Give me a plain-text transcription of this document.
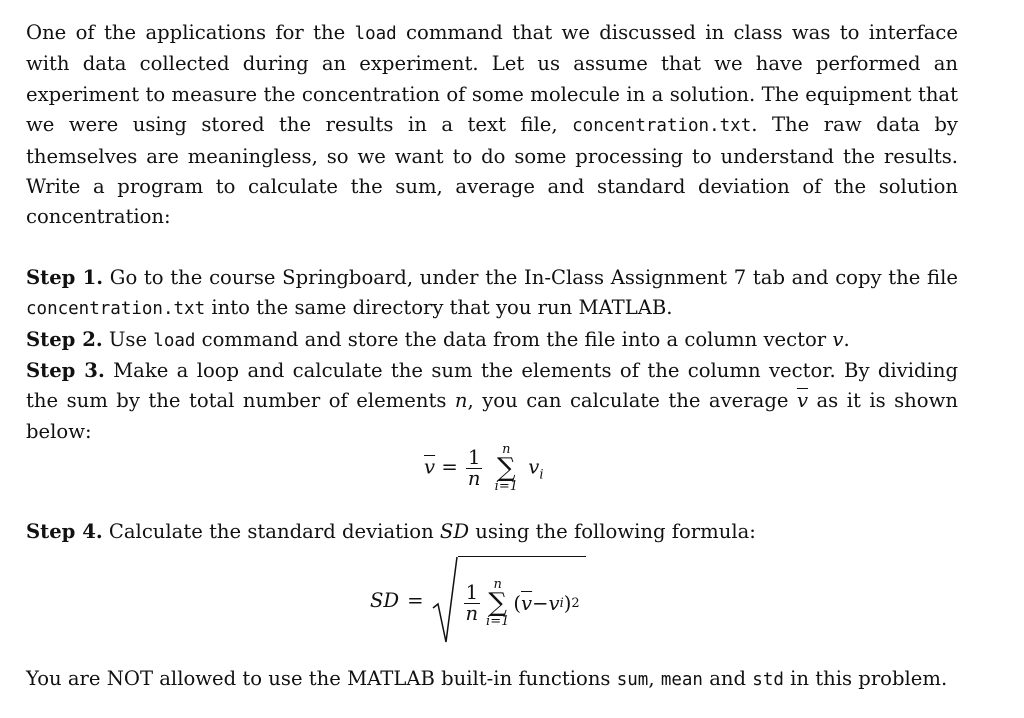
One of the applications for the load command that we discussed in class was to interface with data collected during an experiment. Let us assume that we have performed an experiment to measure the concentration of some molecule in a solution. The equipment that we were using stored the results in a text file, concentration.txt. The raw data by themselves are meaningless, so we want to do some processing to understand the results. Write a program to calculate the sum, average and standard deviation of the solution concentration:

Step 1. Go to the course Springboard, under the In-Class Assignment 7 tab and copy the file concentration.txt into the same directory that you run MATLAB.

Step 2. Use load command and store the data from the file into a column vector v.

Step 3. Make a loop and calculate the sum the elements of the column vector. By dividing the sum by the total number of elements n, you can calculate the average $\overline{v}$ as it is shown below:

$\overline{v} = \frac{1}{n}$
	n
∑
i=1
$v_i$

Step 4. Calculate the standard deviation SD using the following formula:

SD = $\frac{1}{n}$	n
∑
i=1
( $\overline{v} - v$ i ) 2

You are NOT allowed to use the MATLAB built-in functions sum, mean and std in this problem.
